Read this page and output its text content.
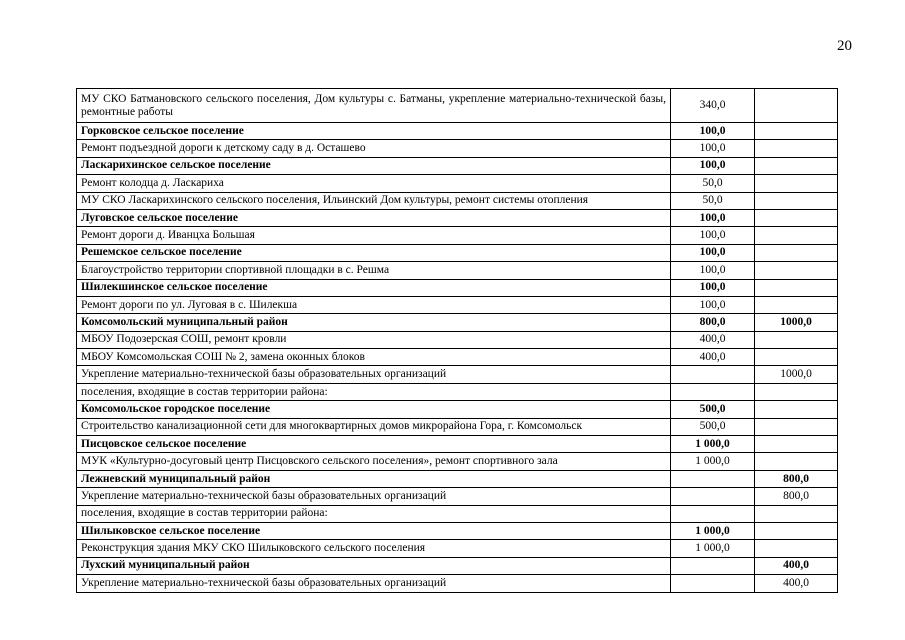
20
МУ СКО Батмановского сельского поселения, Дом культуры с. Батманы, укрепление материально-технической базы, ремонтные работы	340,0	
Горковское сельское поселение	100,0	
Ремонт подъездной дороги к детскому саду в д. Осташево	100,0	
Ласкарихинское сельское поселение	100,0	
Ремонт колодца д. Ласкариха	50,0	
МУ СКО Ласкарихинского сельского поселения, Ильинский Дом культуры, ремонт системы отопления	50,0	
Луговское сельское поселение	100,0	
Ремонт дороги д. Иванцха Большая	100,0	
Решемское сельское поселение	100,0	
Благоустройство территории спортивной площадки в с. Решма	100,0	
Шилекшинское сельское поселение	100,0	
Ремонт дороги по ул. Луговая в с. Шилекша	100,0	
Комсомольский муниципальный район	800,0	1000,0
МБОУ Подозерская СОШ, ремонт кровли	400,0	
МБОУ Комсомольская СОШ № 2, замена оконных блоков	400,0	
Укрепление материально-технической базы образовательных организаций		1000,0
поселения, входящие в состав территории района:		
Комсомольское городское поселение	500,0	
Строительство канализационной сети для многоквартирных домов микрорайона Гора, г. Комсомольск	500,0	
Писцовское сельское поселение	1 000,0	
МУК «Культурно-досуговый центр Писцовского сельского поселения», ремонт спортивного зала	1 000,0	
Лежневский муниципальный район		800,0
Укрепление материально-технической базы образовательных организаций		800,0
поселения, входящие в состав территории района:		
Шилыковское сельское поселение	1 000,0	
Реконструкция здания МКУ СКО Шилыковского сельского поселения	1 000,0	
Лухский муниципальный район		400,0
Укрепление материально-технической базы образовательных организаций		400,0
